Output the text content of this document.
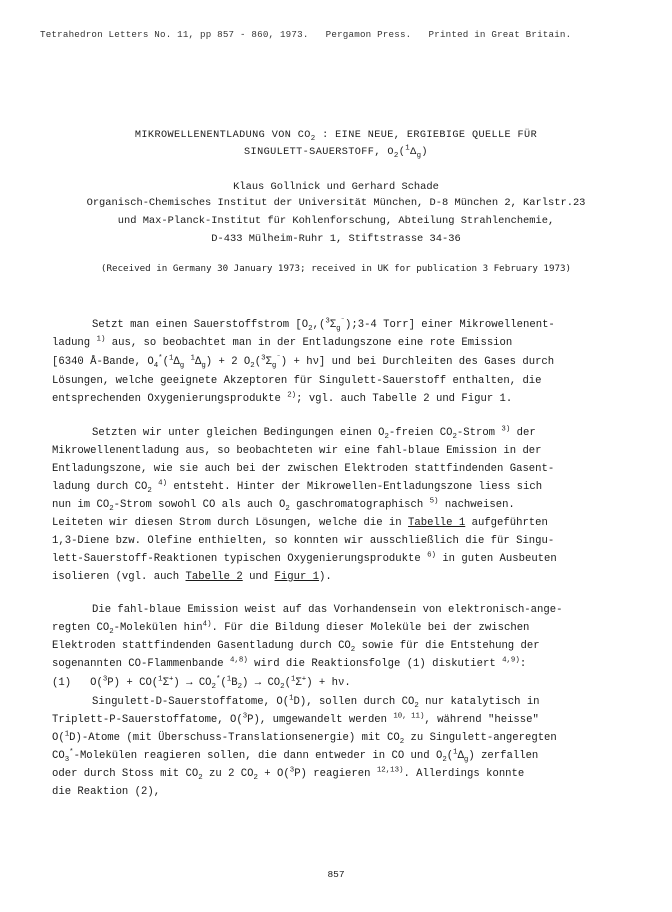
Tetrahedron Letters No. 11, pp 857 - 860, 1973.   Pergamon Press.   Printed in Great Britain.
MIKROWELLENENTLADUNG VON $CO_2$ : EINE NEUE, ERGIEBIGE QUELLE FÜR
SINGULETT-SAUERSTOFF, $O_2(^1\Delta_g)$
Klaus Gollnick und Gerhard Schade
Organisch-Chemisches Institut der Universität München, D-8 München 2, Karlstr.23
und Max-Planck-Institut für Kohlenforschung, Abteilung Strahlenchemie,
D-433 Mülheim-Ruhr 1, Stiftstrasse 34-36
(Received in Germany 30 January 1973; received in UK for publication 3 February 1973)
Setzt man einen Sauerstoffstrom [$O_2,(^3\Sigma_g^{^-});3-4$ Torr] einer Mikrowellenent-
ladung $^{1)}$ aus, so beobachtet man in der Entladungszone eine rote Emission
[6340 Å-Bande, $O_4^*(^1\Delta_g$ $^1\Delta_g) + 2$ $O_2(^3\Sigma_g^{^-}) + h\nu$] und bei Durchleiten des Gases durch
Lösungen, welche geeignete Akzeptoren für Singulett-Sauerstoff enthalten, die
entsprechenden Oxygenierungsprodukte $^{2)}$; vgl. auch Tabelle 2 und Figur 1.
Setzten wir unter gleichen Bedingungen einen $O_2$-freien $CO_2$-Strom $^{3)}$ der
Mikrowellenentladung aus, so beobachteten wir eine fahl-blaue Emission in der
Entladungszone, wie sie auch bei der zwischen Elektroden stattfindenden Gasent-
ladung durch $CO_2$ $^{4)}$ entsteht. Hinter der Mikrowellen-Entladungszone liess sich
nun im $CO_2$-Strom sowohl CO als auch $O_2$ gaschromatographisch $^{5)}$ nachweisen.
Leiteten wir diesen Strom durch Lösungen, welche die in Tabelle 1 aufgeführten
1,3-Diene bzw. Olefine enthielten, so konnten wir ausschließlich die für Singu-
lett-Sauerstoff-Reaktionen typischen Oxygenierungsprodukte $^{6)}$ in guten Ausbeuten
isolieren (vgl. auch Tabelle 2 und Figur 1).
Die fahl-blaue Emission weist auf das Vorhandensein von elektronisch-ange-
regten $CO_2$-Molekülen hin$^{4)}$. Für die Bildung dieser Moleküle bei der zwischen
Elektroden stattfindenden Gasentladung durch $CO_2$ sowie für die Entstehung der
sogenannten CO-Flammenbande $^{4,8)}$ wird die Reaktionsfolge (1) diskutiert $^{4,9)}$:
(1)   $O(^3P) + CO(^1\Sigma^+) \to CO_2^*(^1B_2) \to CO_2(^1\Sigma^+) + h\nu$.
Singulett-D-Sauerstoffatome, O($^1$D), sollen durch $CO_2$ nur katalytisch in
Triplett-P-Sauerstoffatome, O($^3$P), umgewandelt werden $^{10, 11)}$, während "heisse"
O($^1$D)-Atome (mit Überschuss-Translationsenergie) mit $CO_2$ zu Singulett-angeregten
$CO_3^*$-Molekülen reagieren sollen, die dann entweder in CO und $O_2(^1\Delta_g)$ zerfallen
oder durch Stoss mit $CO_2$ zu 2 $CO_2 + O(^3P)$ reagieren $^{12,13)}$. Allerdings konnte
die Reaktion (2),
857
